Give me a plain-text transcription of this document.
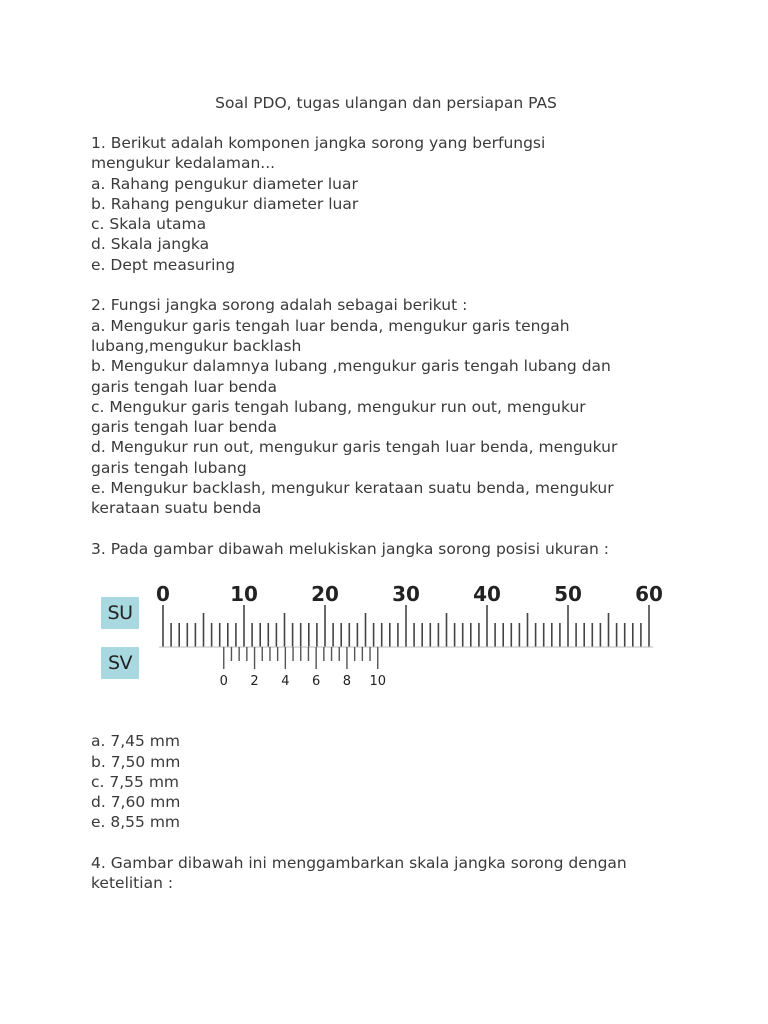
Soal PDO, tugas ulangan dan persiapan PAS
1. Berikut adalah komponen jangka sorong yang berfungsi
mengukur kedalaman...
a. Rahang pengukur diameter luar
b. Rahang pengukur diameter luar
c. Skala utama
d. Skala jangka
e. Dept measuring
2. Fungsi jangka sorong adalah sebagai berikut :
a. Mengukur garis tengah luar benda, mengukur garis tengah
lubang,mengukur backlash
b. Mengukur dalamnya lubang ,mengukur garis tengah lubang dan
garis tengah luar benda
c. Mengukur garis tengah lubang, mengukur run out, mengukur
garis tengah luar benda
d. Mengukur run out, mengukur garis tengah luar benda, mengukur
garis tengah lubang
e. Mengukur backlash, mengukur kerataan suatu benda, mengukur
kerataan suatu benda
3. Pada gambar dibawah melukiskan jangka sorong posisi ukuran :
SU
SV
0	10	20	30	40	50	60
0 2 4 6 8 10
a. 7,45 mm
b. 7,50 mm
c. 7,55 mm
d. 7,60 mm
e. 8,55 mm
4. Gambar dibawah ini menggambarkan skala jangka sorong dengan
ketelitian :
